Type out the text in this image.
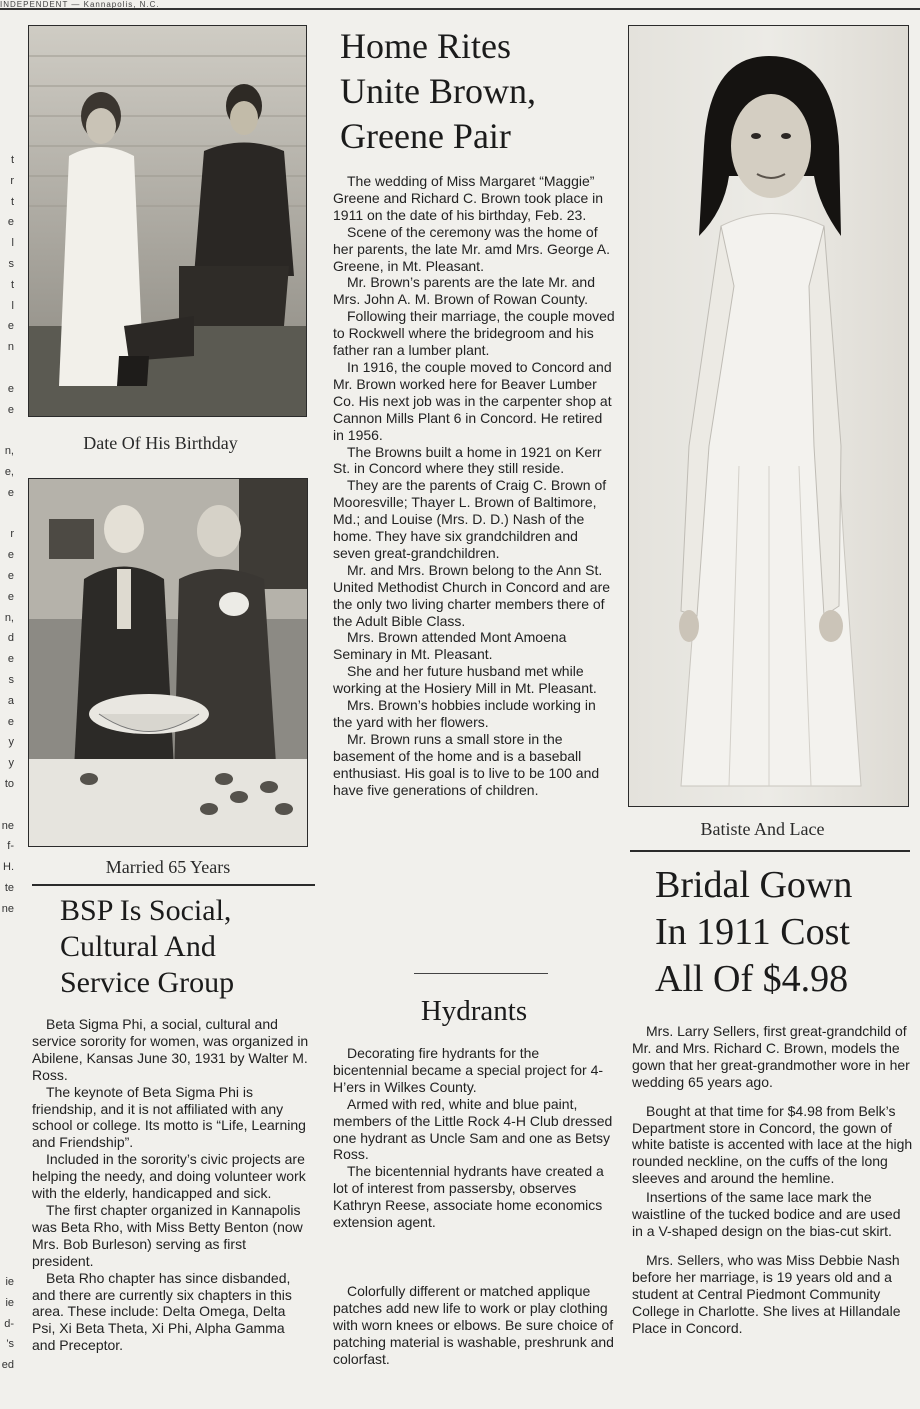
INDEPENDENT — Kannapolis, N.C.
t
r
t
e
l
s
t
l
e
n
e
e
n,
e,
e
r
e
e
e
n,
d
e
s
a
e
y
y
to
ne
f-
H.
te
ne
ie
ie
d-
’s
ed
Date Of His Birthday
Married 65 Years
BSP Is Social,
Cultural And
Service Group

Beta Sigma Phi, a social, cultural and service sorority for women, was organized in Abilene, Kansas June 30, 1931 by Walter M. Ross.

The keynote of Beta Sigma Phi is friendship, and it is not affiliated with any school or college. Its motto is “Life, Learning and Friendship”.

Included in the sorority’s civic projects are helping the needy, and doing volunteer work with the elderly, handicapped and sick.

The first chapter organized in Kannapolis was Beta Rho, with Miss Betty Benton (now Mrs. Bob Burleson) serving as first president.

Beta Rho chapter has since disbanded, and there are currently six chapters in this area. These include: Delta Omega, Delta Psi, Xi Beta Theta, Xi Phi, Alpha Gamma and Preceptor.

Home Rites
Unite Brown,
Greene Pair

The wedding of Miss Margaret “Maggie” Greene and Richard C. Brown took place in 1911 on the date of his birthday, Feb. 23.

Scene of the ceremony was the home of her parents, the late Mr. amd Mrs. George A. Greene, in Mt. Pleasant.

Mr. Brown’s parents are the late Mr. and Mrs. John A. M. Brown of Rowan County.

Following their marriage, the couple moved to Rockwell where the bridegroom and his father ran a lumber plant.

In 1916, the couple moved to Concord and Mr. Brown worked here for Beaver Lumber Co. His next job was in the carpenter shop at Cannon Mills Plant 6 in Concord. He retired in 1956.

The Browns built a home in 1921 on Kerr St. in Concord where they still reside.

They are the parents of Craig C. Brown of Mooresville; Thayer L. Brown of Baltimore, Md.; and Louise (Mrs. D. D.) Nash of the home. They have six grandchildren and seven great-grandchildren.

Mr. and Mrs. Brown belong to the Ann St. United Methodist Church in Concord and are the only two living charter members there of the Adult Bible Class.

Mrs. Brown attended Mont Amoena Seminary in Mt. Pleasant.

She and her future husband met while working at the Hosiery Mill in Mt. Pleasant.

Mrs. Brown’s hobbies include working in the yard with her flowers.

Mr. Brown runs a small store in the basement of the home and is a baseball enthusiast. His goal is to live to be 100 and have five generations of children.

Hydrants

Decorating fire hydrants for the bicentennial became a special project for 4-H’ers in Wilkes County.

Armed with red, white and blue paint, members of the Little Rock 4-H Club dressed one hydrant as Uncle Sam and one as Betsy Ross.

The bicentennial hydrants have created a lot of interest from passersby, observes Kathryn Reese, associate home economics extension agent.

Colorfully different or matched applique patches add new life to work or play clothing with worn knees or elbows. Be sure choice of patching material is washable, preshrunk and colorfast.

Batiste And Lace
Bridal Gown
In 1911 Cost
All Of $4.98

Mrs. Larry Sellers, first great-grandchild of Mr. and Mrs. Richard C. Brown, models the gown that her great-grandmother wore in her wedding 65 years ago.

Bought at that time for $4.98 from Belk’s Department store in Concord, the gown of white batiste is accented with lace at the high rounded neckline, on the cuffs of the long sleeves and around the hemline.

Insertions of the same lace mark the waistline of the tucked bodice and are used in a V-shaped design on the bias-cut skirt.

Mrs. Sellers, who was Miss Debbie Nash before her marriage, is 19 years old and a student at Central Piedmont Community College in Charlotte. She lives at Hillandale Place in Concord.
